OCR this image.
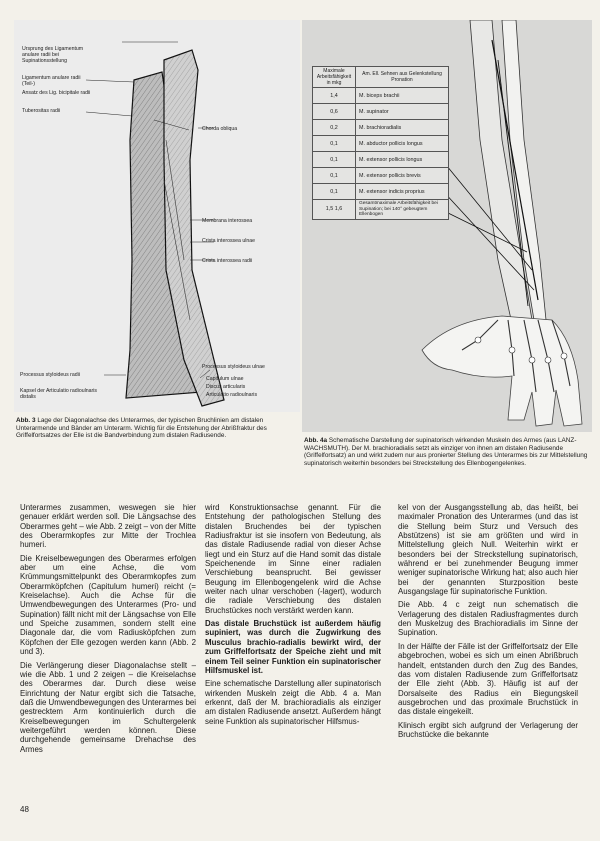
Ursprung des Ligamentum anulare radii bei Supinationsstellung
Ligamentum anulare radii (Teil-)
Ansatz des Lig. bicipitale radii
Tuberositas radii
Processus styloideus radii
Kapsel der Articulatio radioulnaris distalis
Chorda obliqua
Membrana interossea
Crista interossea ulnae
Crista interossea radii
Processus styloideus ulnae
Capitulum ulnae
Discus articularis
Articulatio radioulnaris
Maximale Arbeitsfähigkeit in mkg	Am. Ell. Sehnen aus Gelenkstellung Pronation
1,4	M. biceps brachii
0,6	M. supinator
0,2	M. brachioradialis
0,1	M. abductor pollicis longus
0,1	M. extensor pollicis longus
0,1	M. extensor pollicis brevis
0,1	M. extensor indicis proprius
1,5 1,6	Gesamtmaximale Arbeitsfähigkeit bei Supination; bei 140° gebeugtem Ellenbogen
Abb. 3 Lage der Diagonalachse des Unterarmes, der typischen Bruchlinien am distalen Unterarmende und Bänder am Unterarm. Wichtig für die Entstehung der Abrißfraktur des Griffelfortsatzes der Elle ist die Bandverbindung zum distalen Radiusende.
Abb. 4a Schematische Darstellung der supinatorisch wirkenden Muskeln des Armes (aus LANZ-WACHSMUTH). Der M. brachioradialis setzt als einziger von ihnen am distalen Radiusende (Griffelfortsatz) an und wirkt zudem nur aus pronierter Stellung des Unterarmes bis zur Mittelstellung supinatorisch weiterhin besonders bei Streckstellung des Ellenbogengelenkes.

Unterarmes zusammen, weswegen sie hier genauer erklärt werden soll. Die Längsachse des Oberarmes geht – wie Abb. 2 zeigt – von der Mitte des Oberarmkopfes zur Mitte der Trochlea humeri.

Die Kreiselbewegungen des Oberarmes erfolgen aber um eine Achse, die vom Krümmungsmittelpunkt des Oberarmkopfes zum Oberarmköpfchen (Capitulum humeri) reicht (= Kreiselachse). Auch die Achse für die Umwendbewegungen des Unterarmes (Pro- und Supination) fällt nicht mit der Längsachse von Elle und Speiche zusammen, sondern stellt eine Diagonale dar, die vom Radiusköpfchen zum Köpfchen der Elle gezogen werden kann (Abb. 2 und 3).

Die Verlängerung dieser Diagonalachse stellt – wie die Abb. 1 und 2 zeigen – die Kreiselachse des Oberarmes dar. Durch diese weise Einrichtung der Natur ergibt sich die Tatsache, daß die Umwendbewegungen des Unterarmes bei gestrecktem Arm kontinuierlich durch die Kreiselbewegungen im Schultergelenk weitergeführt werden können. Diese durchgehende gemeinsame Drehachse des Armes

wird Konstruktionsachse genannt. Für die Entstehung der pathologischen Stellung des distalen Bruchendes bei der typischen Radiusfraktur ist sie insofern von Bedeutung, als das distale Radiusende radial von dieser Achse liegt und ein Sturz auf die Hand somit das distale Speichenende im Sinne einer radialen Verschiebung beansprucht. Bei gewisser Beugung im Ellenbogengelenk wird die Achse weiter nach ulnar verschoben (-lagert), wodurch die radiale Verschiebung des distalen Bruchstückes noch verstärkt werden kann.

Das distale Bruchstück ist außerdem häufig supiniert, was durch die Zugwirkung des Musculus brachio-radialis bewirkt wird, der zum Griffelfortsatz der Speiche zieht und mit einem Teil seiner Funktion ein supinatorischer Hilfsmuskel ist.

Eine schematische Darstellung aller supinatorisch wirkenden Muskeln zeigt die Abb. 4 a. Man erkennt, daß der M. brachioradialis als einziger am distalen Radiusende ansetzt. Außerdem hängt seine Funktion als supinatorischer Hilfsmus-

kel von der Ausgangsstellung ab, das heißt, bei maximaler Pronation des Unterarmes (und das ist die Stellung beim Sturz und Versuch des Abstützens) ist sie am größten und wird in Mittelstellung gleich Null. Weiterhin wirkt er besonders bei der Streckstellung supinatorisch, während er bei zunehmender Beugung immer weniger supinatorische Wirkung hat; also auch hier bei der genannten Sturzposition beste Ausgangslage für supinatorische Funktion.

Die Abb. 4 c zeigt nun schematisch die Verlagerung des distalen Radiusfragmentes durch den Muskelzug des Brachioradialis im Sinne der Supination.

In der Hälfte der Fälle ist der Griffelfortsatz der Elle abgebrochen, wobei es sich um einen Abrißbruch handelt, entstanden durch den Zug des Bandes, das vom distalen Radiusende zum Griffelfortsatz der Elle zieht (Abb. 3). Häufig ist auf der Dorsalseite des Radius ein Biegungskeil ausgebrochen und das proximale Bruchstück in das distale eingekeilt.

Klinisch ergibt sich aufgrund der Verlagerung der Bruchstücke die bekannte

48
